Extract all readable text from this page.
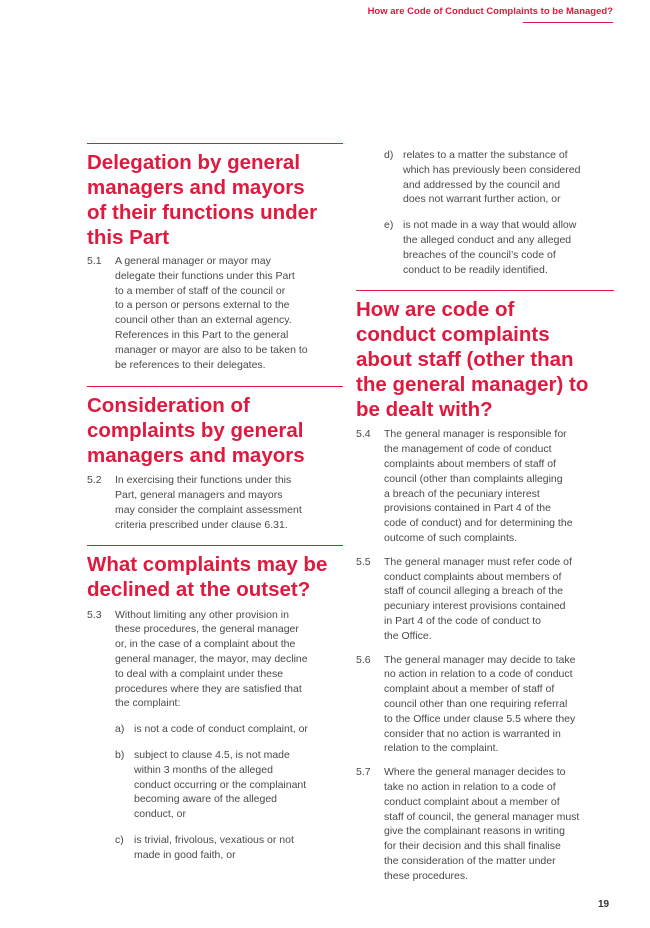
How are Code of Conduct Complaints to be Managed?
Delegation by general
managers and mayors
of their functions under
this Part
5.1	A general manager or mayor may
delegate their functions under this Part
to a member of staff of the council or
to a person or persons external to the
council other than an external agency.
References in this Part to the general
manager or mayor are also to be taken to
be references to their delegates.
Consideration of
complaints by general
managers and mayors
5.2	In exercising their functions under this
Part, general managers and mayors
may consider the complaint assessment
criteria prescribed under clause 6.31.
What complaints may be
declined at the outset?
5.3	Without limiting any other provision in
these procedures, the general manager
or, in the case of a complaint about the
general manager, the mayor, may decline
to deal with a complaint under these
procedures where they are satisfied that
the complaint:
a) is not a code of conduct complaint, or
b) subject to clause 4.5, is not made
within 3 months of the alleged
conduct occurring or the complainant
becoming aware of the alleged
conduct, or
c) is trivial, frivolous, vexatious or not
made in good faith, or
d) relates to a matter the substance of
which has previously been considered
and addressed by the council and
does not warrant further action, or
e) is not made in a way that would allow
the alleged conduct and any alleged
breaches of the council’s code of
conduct to be readily identified.
How are code of
conduct complaints
about staff (other than
the general manager) to
be dealt with?
5.4	The general manager is responsible for
the management of code of conduct
complaints about members of staff of
council (other than complaints alleging
a breach of the pecuniary interest
provisions contained in Part 4 of the
code of conduct) and for determining the
outcome of such complaints.
5.5	The general manager must refer code of
conduct complaints about members of
staff of council alleging a breach of the
pecuniary interest provisions contained
in Part 4 of the code of conduct to
the Office.
5.6	The general manager may decide to take
no action in relation to a code of conduct
complaint about a member of staff of
council other than one requiring referral
to the Office under clause 5.5 where they
consider that no action is warranted in
relation to the complaint.
5.7	Where the general manager decides to
take no action in relation to a code of
conduct complaint about a member of
staff of council, the general manager must
give the complainant reasons in writing
for their decision and this shall finalise
the consideration of the matter under
these procedures.
19
